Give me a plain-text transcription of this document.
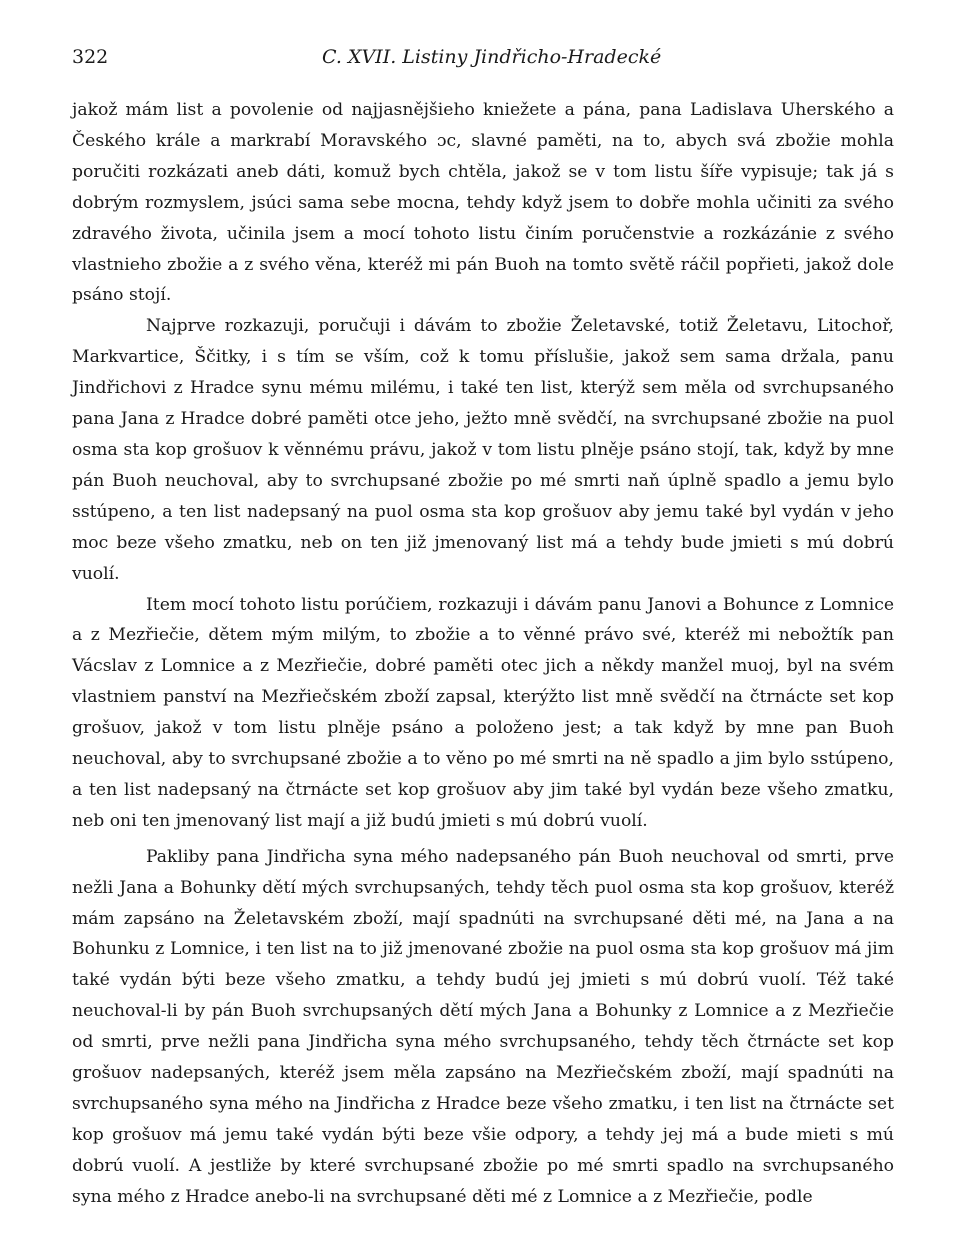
322	C. XVII. Listiny Jindřicho-Hradecké

jakož mám list a povolenie od najjasnějšieho kniežete a pána, pana Ladislava Uherského a Českého krále a markrabí Moravského ɔc, slavné paměti, na to, abych svá zbožie mohla poručiti rozkázati aneb dáti, komuž bych chtěla, jakož se v tom listu šíře vypisuje; tak já s dobrým rozmyslem, jsúci sama sebe mocna, tehdy když jsem to dobře mohla učiniti za svého zdravého života, učinila jsem a mocí tohoto listu činím poručenstvie a rozkázánie z svého vlastnieho zbožie a z svého věna, kteréž mi pán Buoh na tomto světě ráčil popřieti, jakož dole psáno stojí.

Najprve rozkazuji, poručuji i dávám to zbožie Želetavské, totiž Želetavu, Litochoř, Markvartice, Ščitky, i s tím se vším, což k tomu příslušie, jakož sem sama držala, panu Jindřichovi z Hradce synu mému milému, i také ten list, kterýž sem měla od svrchupsaného pana Jana z Hradce dobré paměti otce jeho, ježto mně svědčí, na svrchupsané zbožie na puol osma sta kop grošuov k věnnému právu, jakož v tom listu plněje psáno stojí, tak, když by mne pán Buoh neuchoval, aby to svrchupsané zbožie po mé smrti naň úplně spadlo a jemu bylo sstúpeno, a ten list nadepsaný na puol osma sta kop grošuov aby jemu také byl vydán v jeho moc beze všeho zmatku, neb on ten již jmenovaný list má a tehdy bude jmieti s mú dobrú vuolí.

Item mocí tohoto listu porúčiem, rozkazuji i dávám panu Janovi a Bohunce z Lomnice a z Mezřiečie, dětem mým milým, to zbožie a to věnné právo své, kteréž mi nebožtík pan Vácslav z Lomnice a z Mezřiečie, dobré paměti otec jich a někdy manžel muoj, byl na svém vlastniem panství na Mezřiečském zboží zapsal, kterýžto list mně svědčí na čtrnácte set kop grošuov, jakož v tom listu plněje psáno a položeno jest; a tak když by mne pan Buoh neuchoval, aby to svrchupsané zbožie a to věno po mé smrti na ně spadlo a jim bylo sstúpeno, a ten list nadepsaný na čtrnácte set kop grošuov aby jim také byl vydán beze všeho zmatku, neb oni ten jmenovaný list mají a již budú jmieti s mú dobrú vuolí.

Pakliby pana Jindřicha syna mého nadepsaného pán Buoh neuchoval od smrti, prve nežli Jana a Bohunky dětí mých svrchupsaných, tehdy těch puol osma sta kop grošuov, kteréž mám zapsáno na Želetavském zboží, mají spadnúti na svrchupsané děti mé, na Jana a na Bohunku z Lomnice, i ten list na to již jmenované zbožie na puol osma sta kop grošuov má jim také vydán býti beze všeho zmatku, a tehdy budú jej jmieti s mú dobrú vuolí. Též také neuchoval-li by pán Buoh svrchupsaných dětí mých Jana a Bohunky z Lomnice a z Mezřiečie od smrti, prve nežli pana Jindřicha syna mého svrchupsaného, tehdy těch čtrnácte set kop grošuov nadepsaných, kteréž jsem měla zapsáno na Mezřiečském zboží, mají spadnúti na svrchupsaného syna mého na Jindřicha z Hradce beze všeho zmatku, i ten list na čtrnácte set kop grošuov má jemu také vydán býti beze všie odpory, a tehdy jej má a bude mieti s mú dobrú vuolí. A jestližе by které svrchupsané zbožie po mé smrti spadlo na svrchupsaného syna mého z Hradce anebo-li na svrchupsané děti mé z Lomnice a z Mezřiečie, podle
